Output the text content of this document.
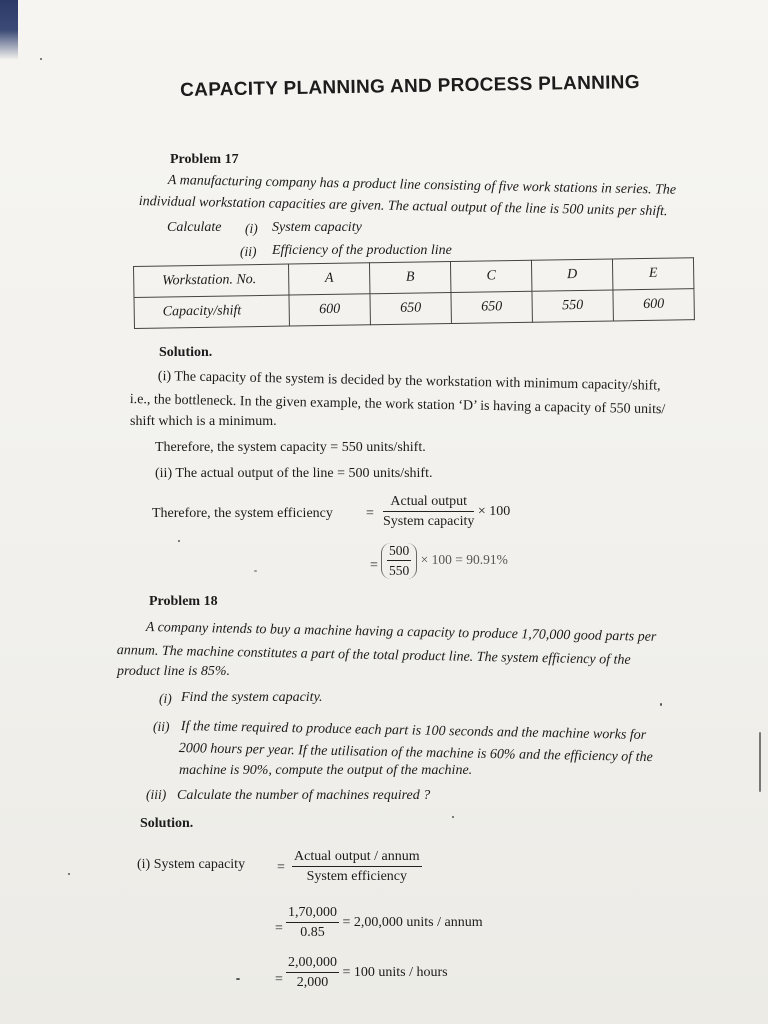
CAPACITY PLANNING AND PROCESS PLANNING
Problem 17
A manufacturing company has a product line consisting of five work stations in series. The
individual workstation capacities are given. The actual output of the line is 500 units per shift.
Calculate (i) System capacity
(ii) Efficiency of the production line
Workstation. No.	A	B	C	D	E
Capacity/shift	600	650	650	550	600
Solution.
(i) The capacity of the system is decided by the workstation with minimum capacity/shift,
i.e., the bottleneck. In the given example, the work station ‘D’ is having a capacity of 550 units/
shift which is a minimum.
Therefore, the system capacity = 550 units/shift.
(ii) The actual output of the line = 500 units/shift.
Therefore, the system efficiency = $\frac{\text{Actual output}}{\text{System capacity}} \times 100$
= $\frac{500}{550} \times 100 = 90.91\%$
Problem 18
A company intends to buy a machine having a capacity to produce 1,70,000 good parts per
annum. The machine constitutes a part of the total product line. The system efficiency of the
product line is 85%.
(i) Find the system capacity.
(ii) If the time required to produce each part is 100 seconds and the machine works for
2000 hours per year. If the utilisation of the machine is 60% and the efficiency of the
machine is 90%, compute the output of the machine.
(iii) Calculate the number of machines required ?
Solution.
(i) System capacity = $\frac{\text{Actual output / annum}}{\text{System efficiency}}$
= $\frac{1,70,000}{0.85} = 2,00,000$ units / annum
= $\frac{2,00,000}{2,000} = 100$ units / hours
